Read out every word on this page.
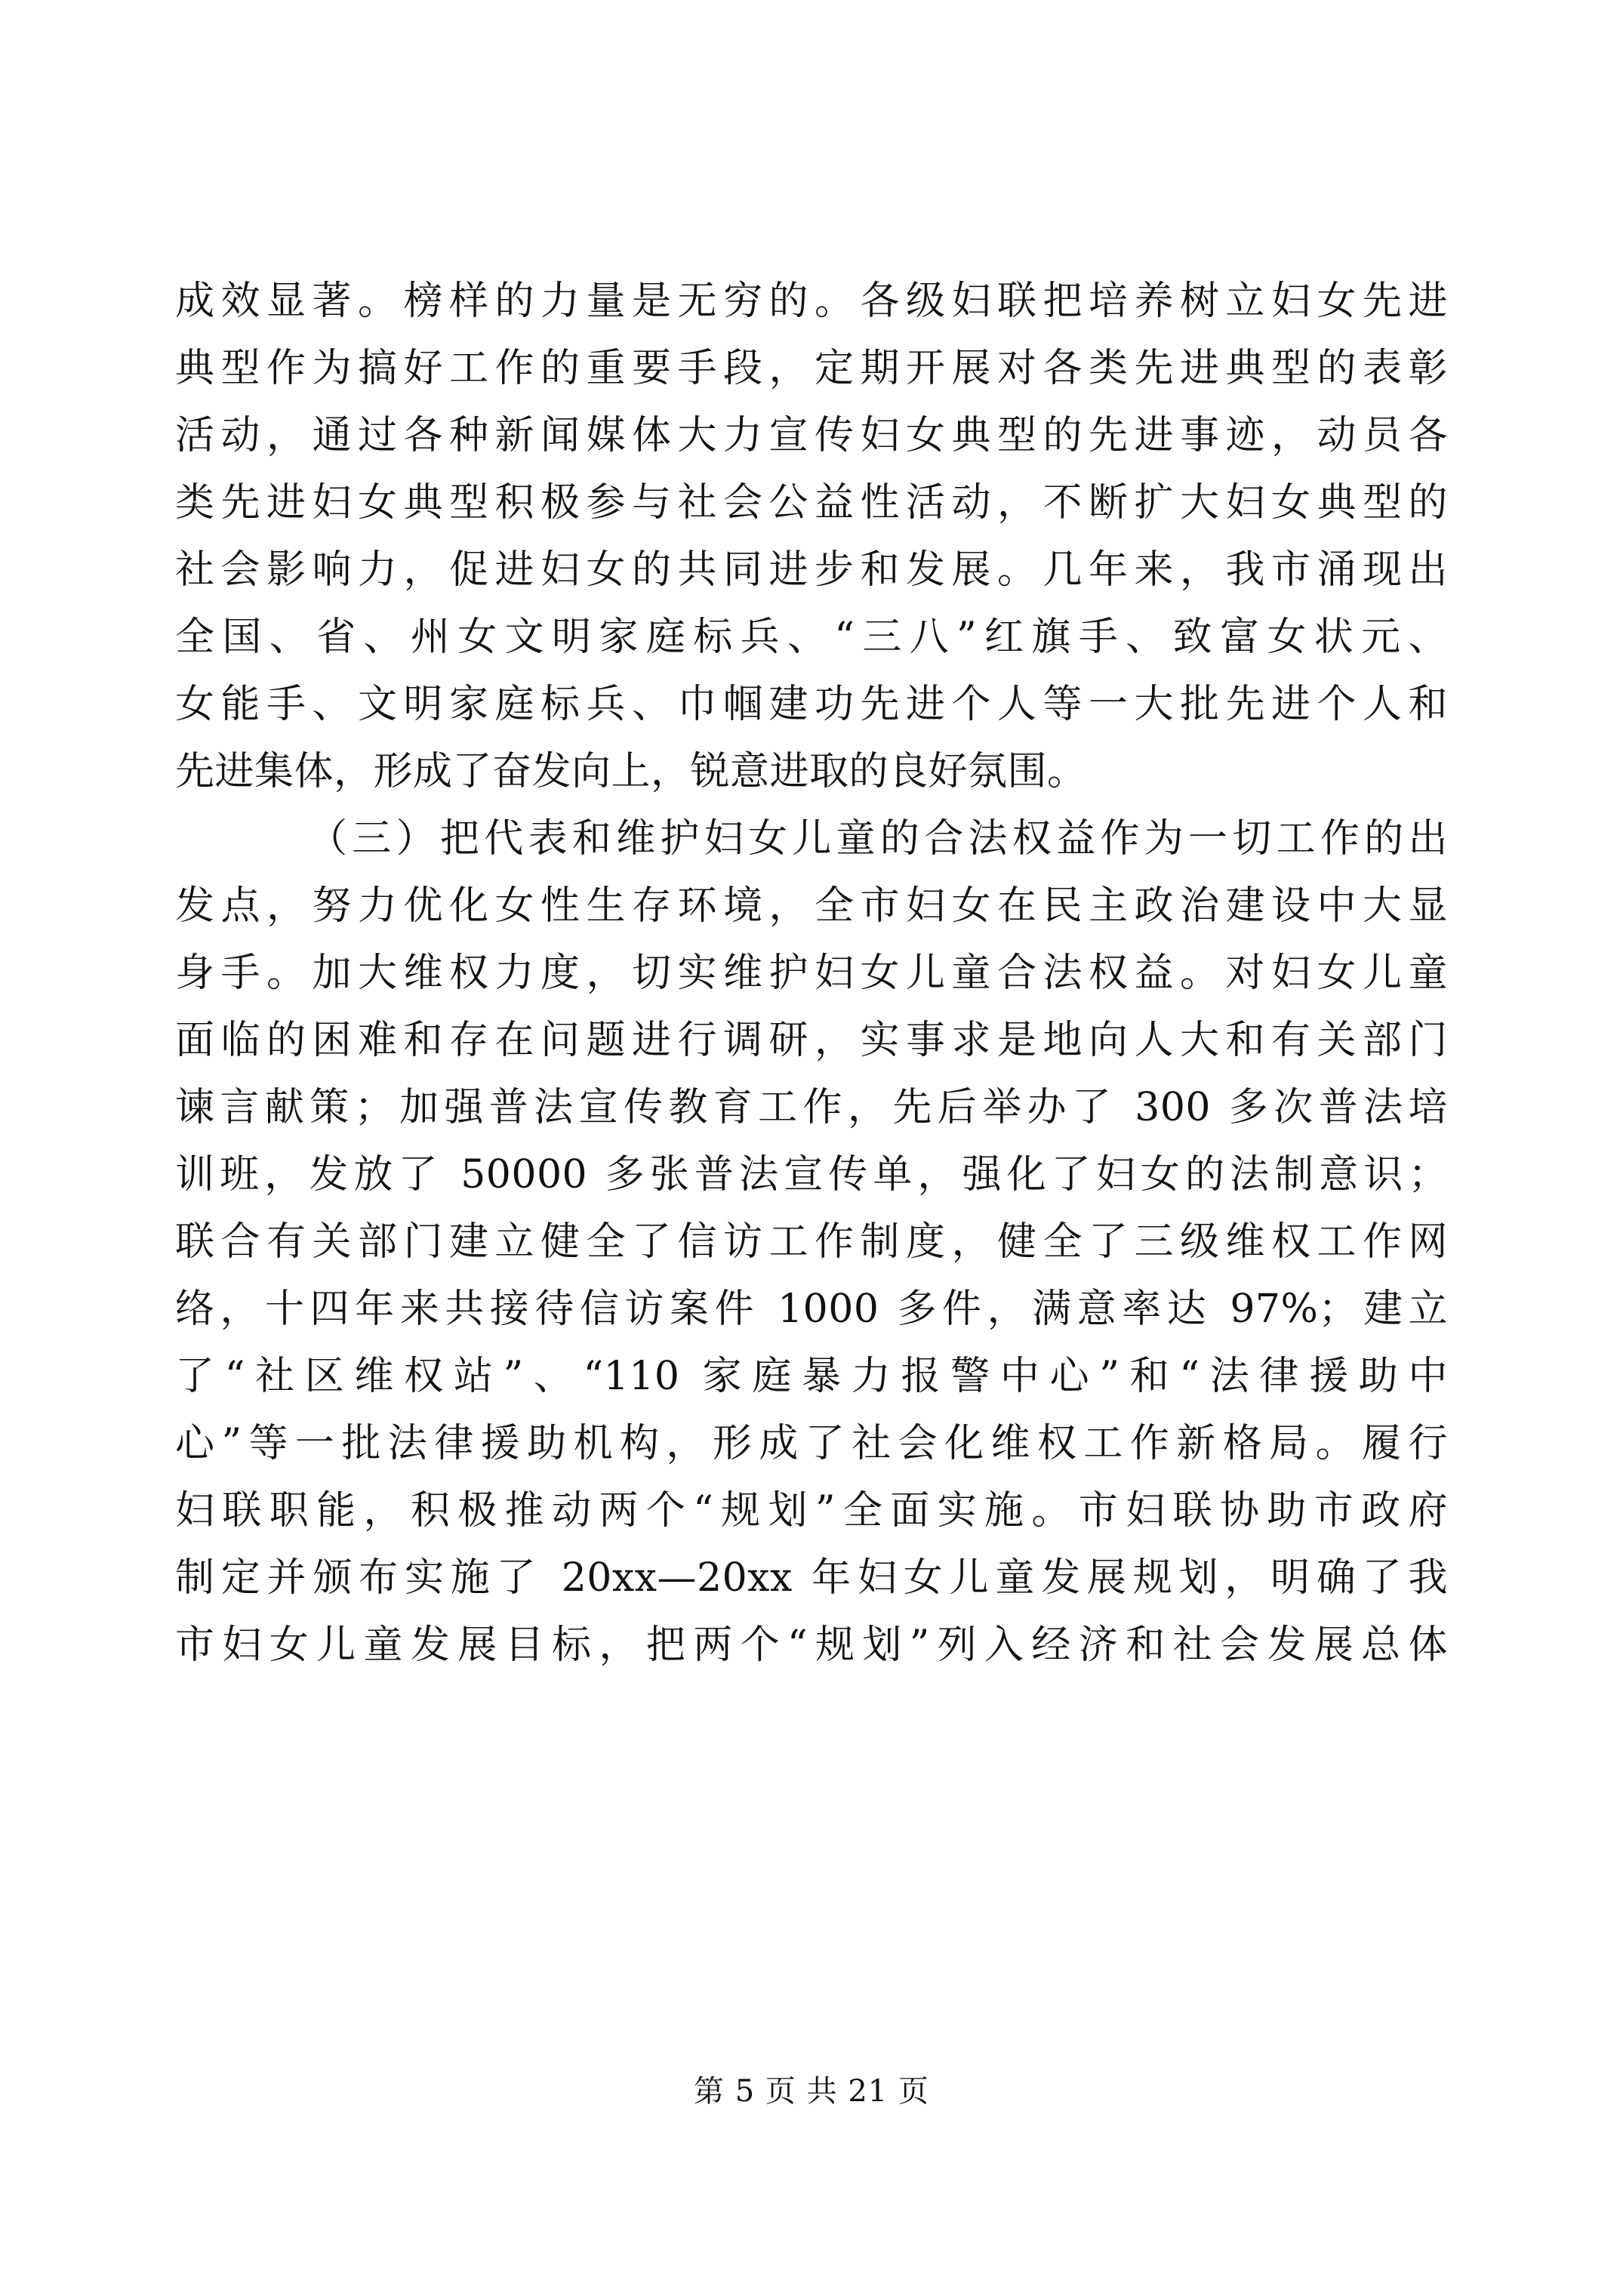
成效显著。榜样的力量是无穷的。各级妇联把培养树立妇女先进
典型作为搞好工作的重要手段，定期开展对各类先进典型的表彰
活动，通过各种新闻媒体大力宣传妇女典型的先进事迹，动员各
类先进妇女典型积极参与社会公益性活动，不断扩大妇女典型的
社会影响力，促进妇女的共同进步和发展。几年来，我市涌现出
全国、省、州女文明家庭标兵、“三八”红旗手、致富女状元、
女能手、文明家庭标兵、巾帼建功先进个人等一大批先进个人和
先进集体，形成了奋发向上，锐意进取的良好氛围。
（三）把代表和维护妇女儿童的合法权益作为一切工作的出
发点，努力优化女性生存环境，全市妇女在民主政治建设中大显
身手。加大维权力度，切实维护妇女儿童合法权益。对妇女儿童
面临的困难和存在问题进行调研，实事求是地向人大和有关部门
谏言献策；加强普法宣传教育工作，先后举办了 300 多次普法培
训班，发放了 50000 多张普法宣传单，强化了妇女的法制意识；
联合有关部门建立健全了信访工作制度，健全了三级维权工作网
络，十四年来共接待信访案件 1000 多件，满意率达 97%；建立
了“社区维权站”、“110 家庭暴力报警中心”和“法律援助中
心”等一批法律援助机构，形成了社会化维权工作新格局。履行
妇联职能，积极推动两个“规划”全面实施。市妇联协助市政府
制定并颁布实施了 20xx—20xx 年妇女儿童发展规划，明确了我
市妇女儿童发展目标，把两个“规划”列入经济和社会发展总体
第 5 页 共 21 页
